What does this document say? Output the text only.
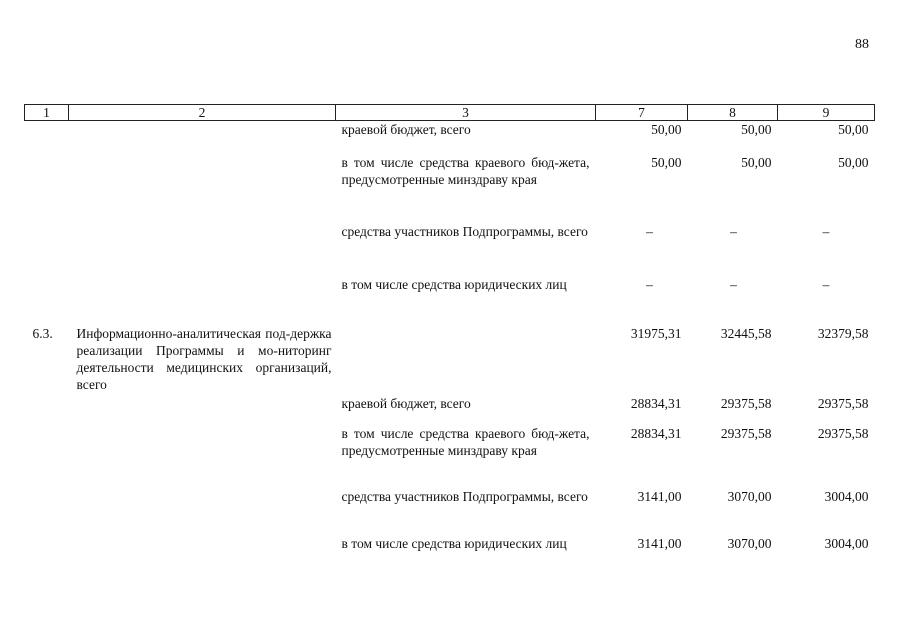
88
1	2	3	7	8	9
		краевой бюджет, всего	50,00	50,00	50,00
		в том числе средства краевого бюд-жета, предусмотренные минздраву края	50,00	50,00	50,00
		средства участников Подпрограммы, всего	–	–	–
		в том числе средства юридических лиц	–	–	–
6.3.	Информационно-аналитическая под-держка реализации Программы и мо-ниторинг деятельности медицинских организаций, всего		31975,31	32445,58	32379,58
		краевой бюджет, всего	28834,31	29375,58	29375,58
		в том числе средства краевого бюд-жета, предусмотренные минздраву края	28834,31	29375,58	29375,58
		средства участников Подпрограммы, всего	3141,00	3070,00	3004,00
		в том числе средства юридических лиц	3141,00	3070,00	3004,00
